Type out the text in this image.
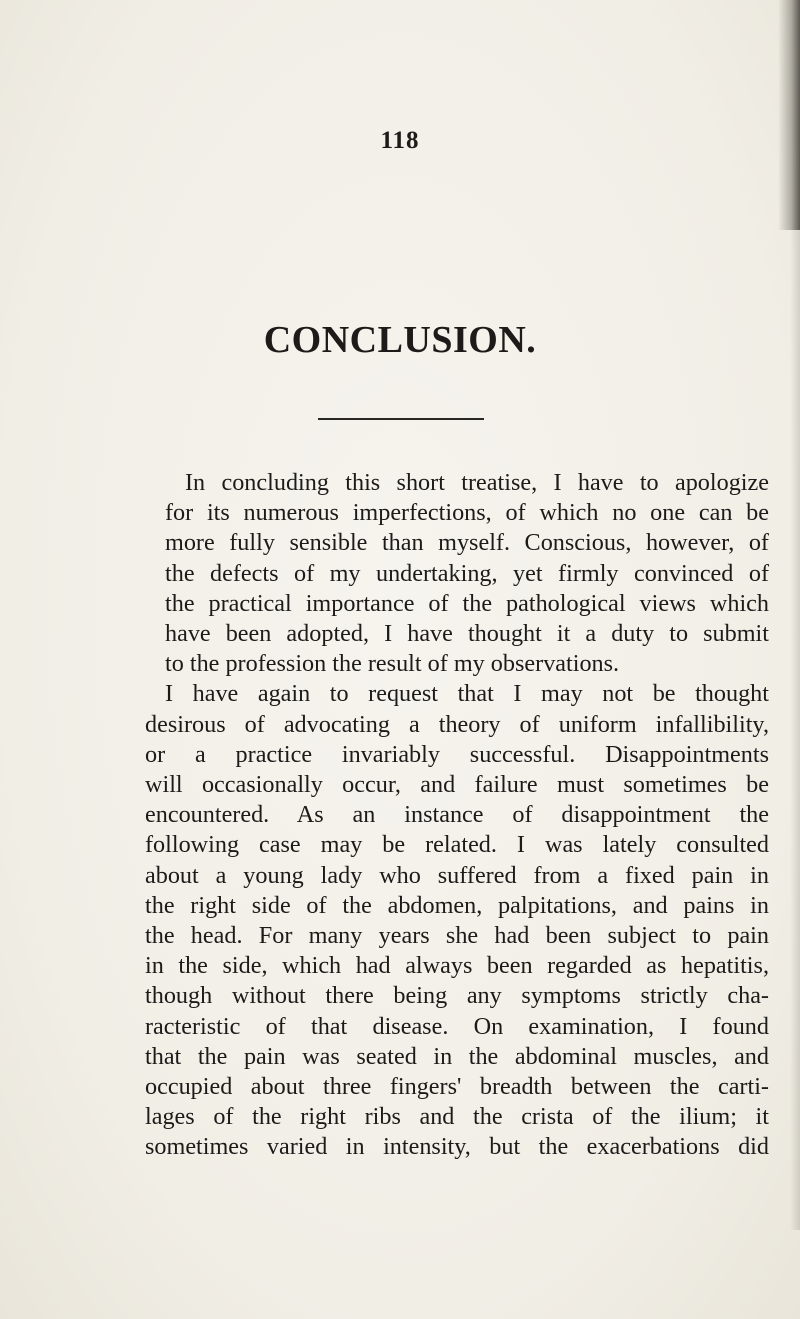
118
CONCLUSION.
In concluding this short treatise, I have to apologize
for its numerous imperfections, of which no one can be
more fully sensible than myself. Conscious, however, of
the defects of my undertaking, yet firmly convinced of
the practical importance of the pathological views which
have been adopted, I have thought it a duty to submit
to the profession the result of my observations.
I have again to request that I may not be thought
desirous of advocating a theory of uniform infallibility,
or a practice invariably successful. Disappointments
will occasionally occur, and failure must sometimes be
encountered. As an instance of disappointment the
following case may be related. I was lately consulted
about a young lady who suffered from a fixed pain in
the right side of the abdomen, palpitations, and pains in
the head. For many years she had been subject to pain
in the side, which had always been regarded as hepatitis,
though without there being any symptoms strictly cha-
racteristic of that disease. On examination, I found
that the pain was seated in the abdominal muscles, and
occupied about three fingers' breadth between the carti-
lages of the right ribs and the crista of the ilium; it
sometimes varied in intensity, but the exacerbations did
